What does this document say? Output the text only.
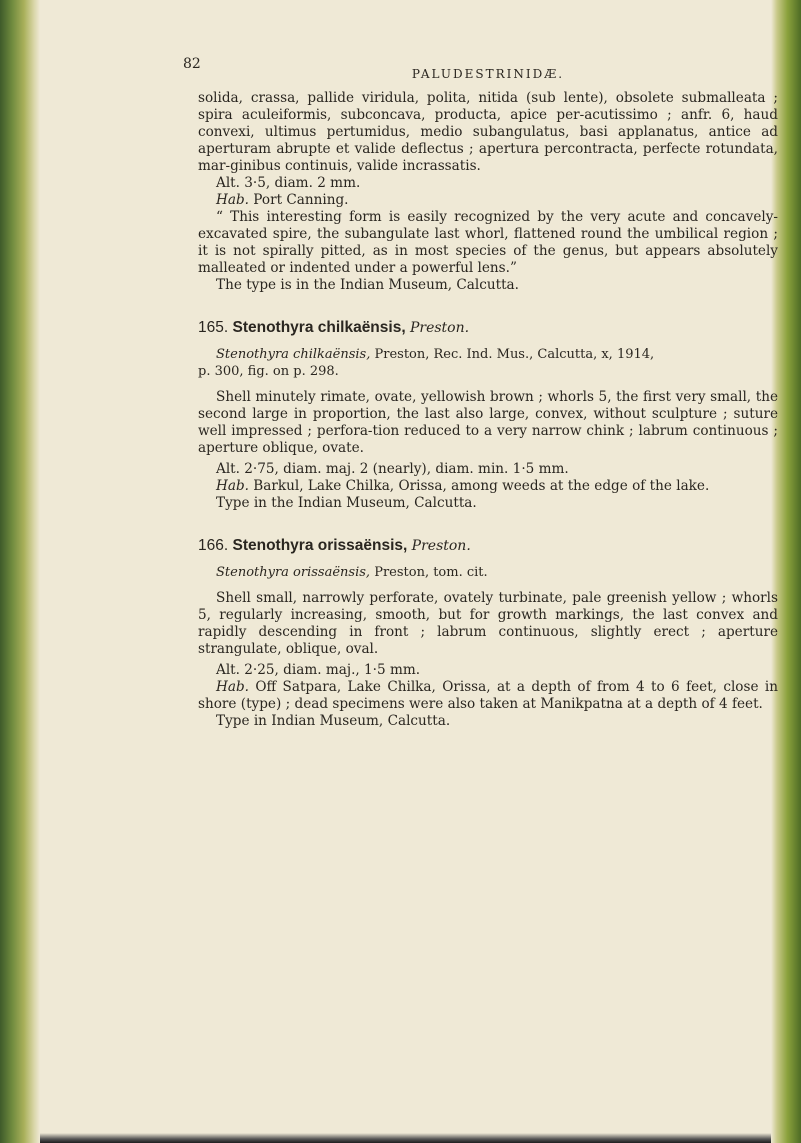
82
PALUDESTRINIDÆ.

solida, crassa, pallide viridula, polita, nitida (sub lente), obsolete submalleata ; spira aculeiformis, subconcava, producta, apice per-acutissimo ; anfr. 6, haud convexi, ultimus pertumidus, medio subangulatus, basi applanatus, antice ad aperturam abrupte et valide deflectus ; apertura percontracta, perfecte rotundata, mar-ginibus continuis, valide incrassatis.

Alt. 3·5, diam. 2 mm.

Hab. Port Canning.

“ This interesting form is easily recognized by the very acute and concavely-excavated spire, the subangulate last whorl, flattened round the umbilical region ; it is not spirally pitted, as in most species of the genus, but appears absolutely malleated or indented under a powerful lens.”

The type is in the Indian Museum, Calcutta.

165. Stenothyra chilkaënsis, Preston.

Stenothyra chilkaënsis, Preston, Rec. Ind. Mus., Calcutta, x, 1914,

p. 300, fig. on p. 298.

Shell minutely rimate, ovate, yellowish brown ; whorls 5, the first very small, the second large in proportion, the last also large, convex, without sculpture ; suture well impressed ; perfora-tion reduced to a very narrow chink ; labrum continuous ; aperture oblique, ovate.

Alt. 2·75, diam. maj. 2 (nearly), diam. min. 1·5 mm.

Hab. Barkul, Lake Chilka, Orissa, among weeds at the edge of the lake.

Type in the Indian Museum, Calcutta.

166. Stenothyra orissaënsis, Preston.

Stenothyra orissaënsis, Preston, tom. cit.

Shell small, narrowly perforate, ovately turbinate, pale greenish yellow ; whorls 5, regularly increasing, smooth, but for growth markings, the last convex and rapidly descending in front ; labrum continuous, slightly erect ; aperture strangulate, oblique, oval.

Alt. 2·25, diam. maj., 1·5 mm.

Hab. Off Satpara, Lake Chilka, Orissa, at a depth of from 4 to 6 feet, close in shore (type) ; dead specimens were also taken at Manikpatna at a depth of 4 feet.

Type in Indian Museum, Calcutta.
